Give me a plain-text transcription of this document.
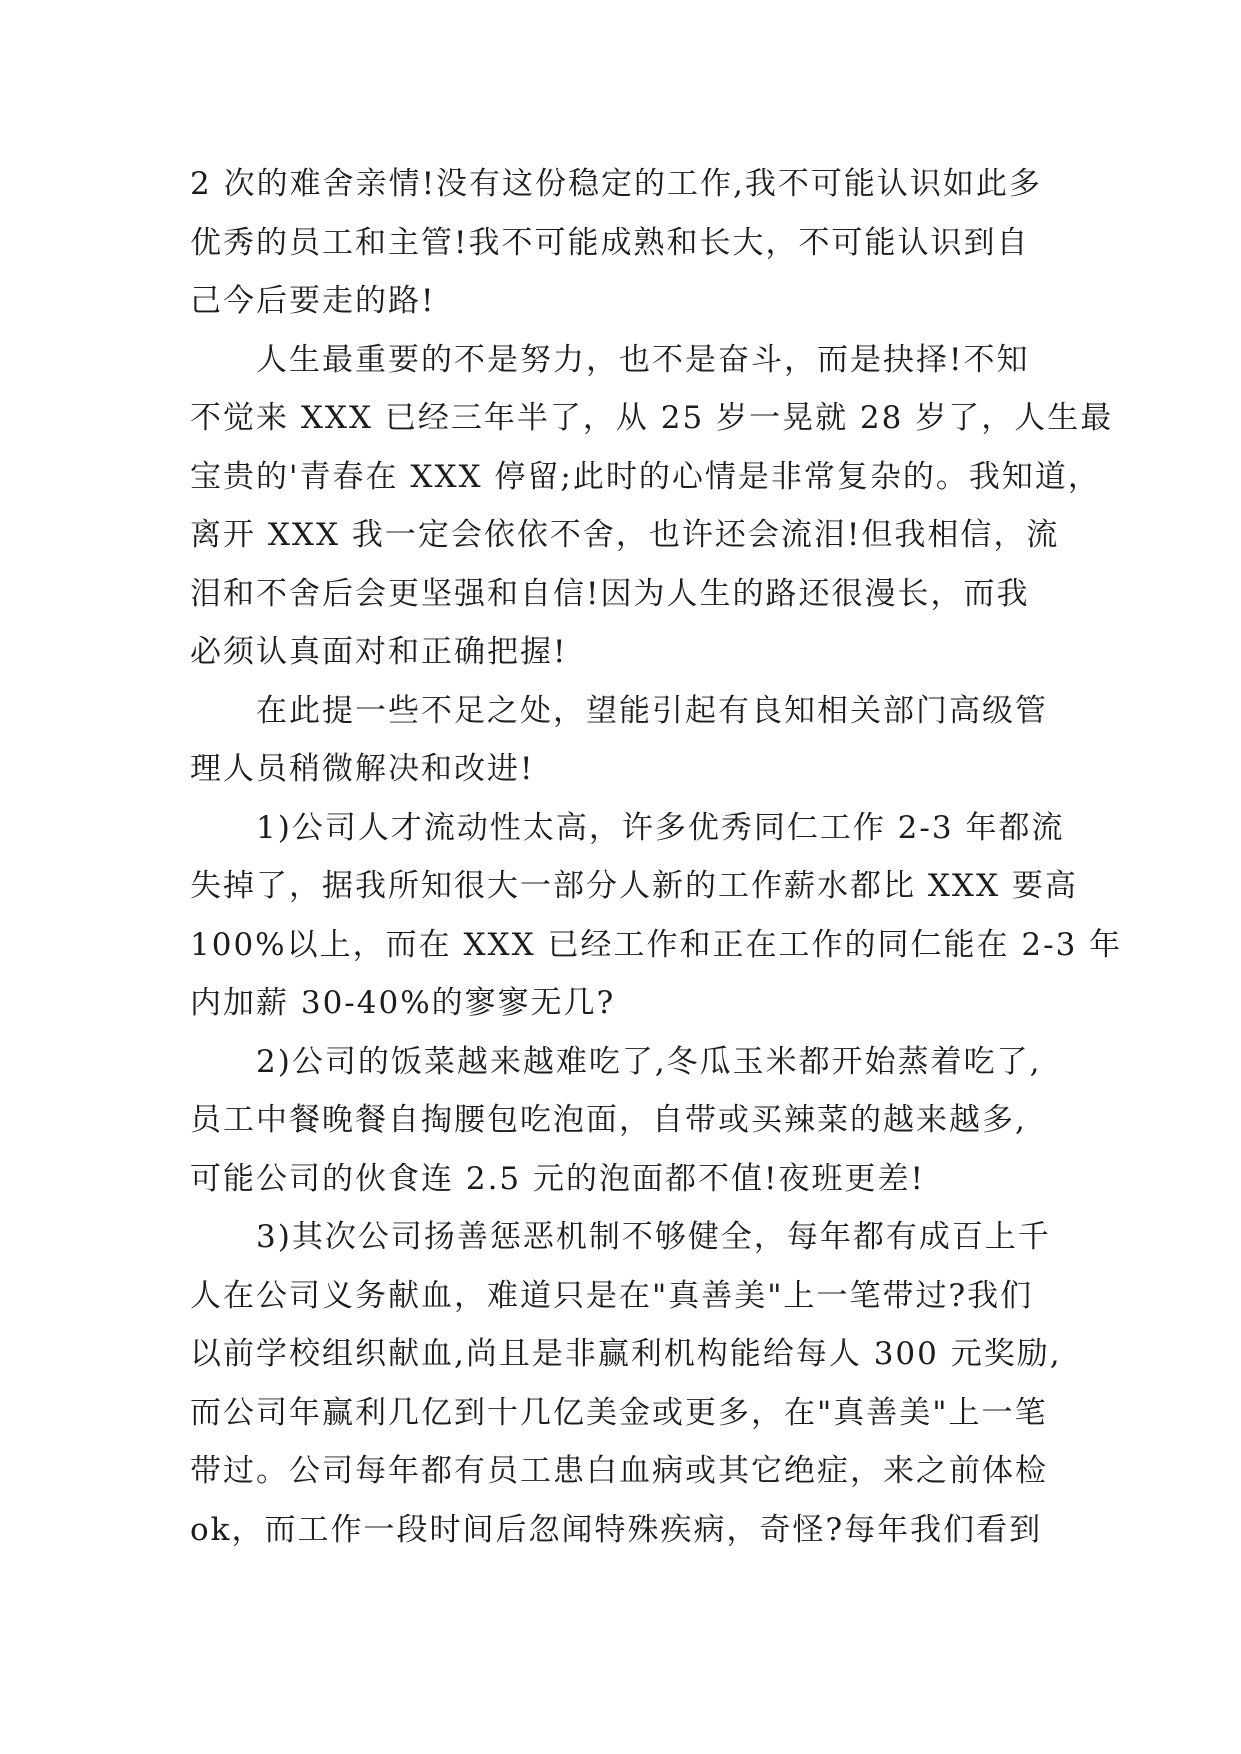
2 次的难舍亲情!没有这份稳定的工作,我不可能认识如此多
优秀的员工和主管!我不可能成熟和长大，不可能认识到自
己今后要走的路!
人生最重要的不是努力，也不是奋斗，而是抉择!不知
不觉来 XXX 已经三年半了，从 25 岁一晃就 28 岁了，人生最
宝贵的'青春在 XXX 停留;此时的心情是非常复杂的。我知道，
离开 XXX 我一定会依依不舍，也许还会流泪!但我相信，流
泪和不舍后会更坚强和自信!因为人生的路还很漫长，而我
必须认真面对和正确把握!
在此提一些不足之处，望能引起有良知相关部门高级管
理人员稍微解决和改进!
1)公司人才流动性太高，许多优秀同仁工作 2-3 年都流
失掉了，据我所知很大一部分人新的工作薪水都比 XXX 要高
100%以上，而在 XXX 已经工作和正在工作的同仁能在 2-3 年
内加薪 30-40%的寥寥无几?
2)公司的饭菜越来越难吃了,冬瓜玉米都开始蒸着吃了,
员工中餐晚餐自掏腰包吃泡面，自带或买辣菜的越来越多,
可能公司的伙食连 2.5 元的泡面都不值!夜班更差!
3)其次公司扬善惩恶机制不够健全，每年都有成百上千
人在公司义务献血，难道只是在"真善美"上一笔带过?我们
以前学校组织献血,尚且是非赢利机构能给每人 300 元奖励,
而公司年赢利几亿到十几亿美金或更多，在"真善美"上一笔
带过。公司每年都有员工患白血病或其它绝症，来之前体检
ok，而工作一段时间后忽闻特殊疾病，奇怪?每年我们看到
